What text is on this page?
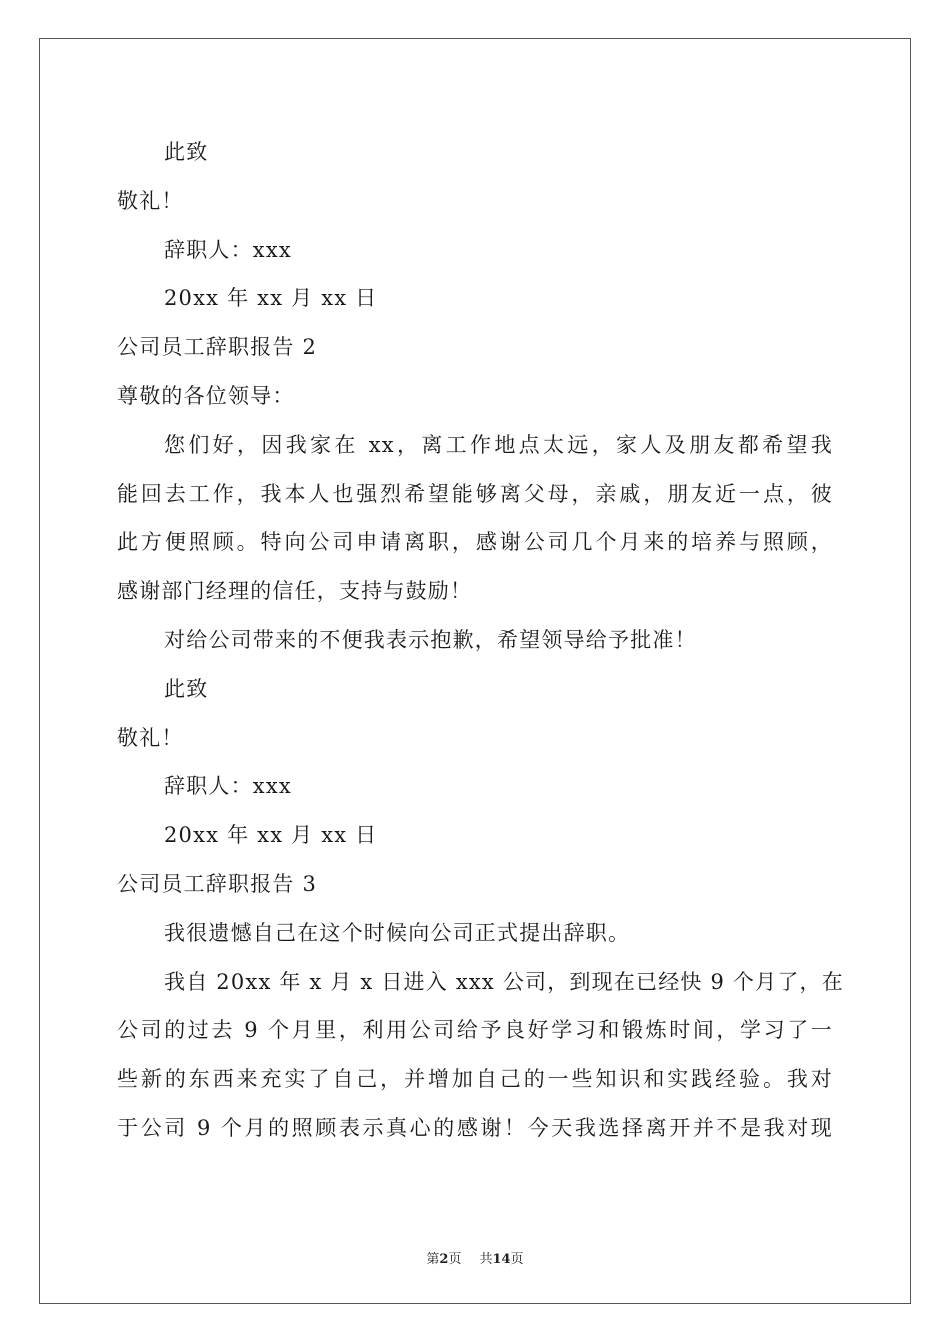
此致
敬礼！
辞职人：xxx
20xx 年 xx 月 xx 日
公司员工辞职报告 2
尊敬的各位领导：
您们好，因我家在 xx，离工作地点太远，家人及朋友都希望我
能回去工作，我本人也强烈希望能够离父母，亲戚，朋友近一点，彼
此方便照顾。特向公司申请离职，感谢公司几个月来的培养与照顾，
感谢部门经理的信任，支持与鼓励！
对给公司带来的不便我表示抱歉，希望领导给予批准！
此致
敬礼！
辞职人：xxx
20xx 年 xx 月 xx 日
公司员工辞职报告 3
我很遗憾自己在这个时候向公司正式提出辞职。
我自 20xx 年 x 月 x 日进入 xxx 公司，到现在已经快 9 个月了，在
公司的过去 9 个月里，利用公司给予良好学习和锻炼时间，学习了一
些新的东西来充实了自己，并增加自己的一些知识和实践经验。我对
于公司 9 个月的照顾表示真心的感谢！今天我选择离开并不是我对现
第2页 共14页
